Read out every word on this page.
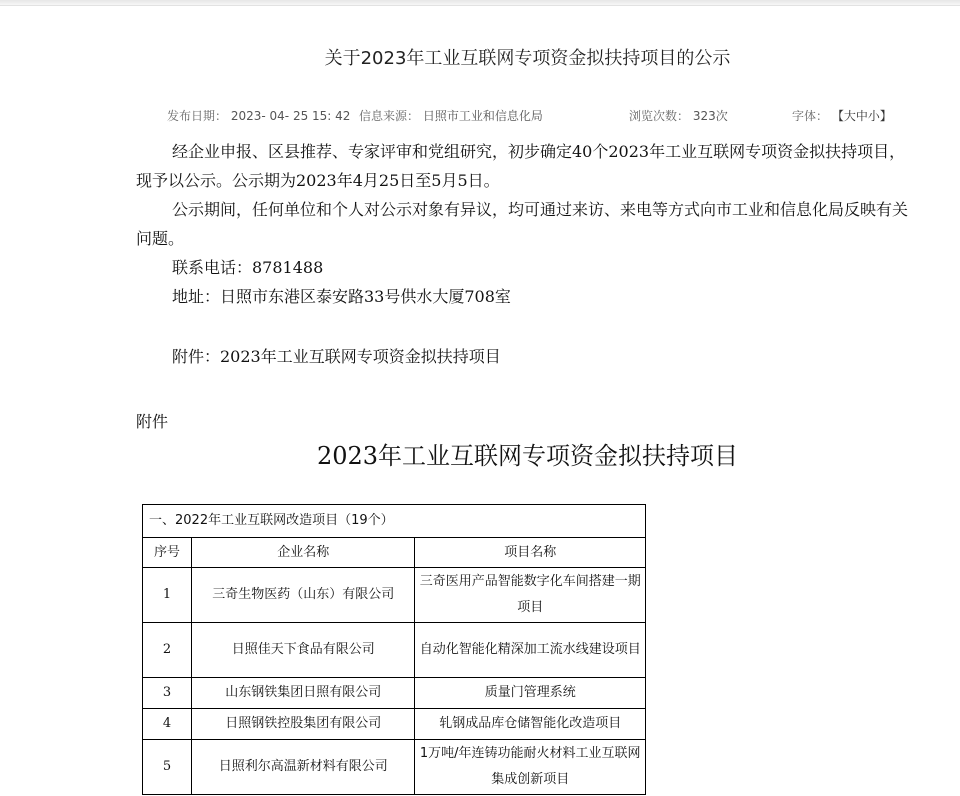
关于2023年工业互联网专项资金拟扶持项目的公示
发布日期： 2023- 04- 25 15: 42 信息来源： 日照市工业和信息化局	浏览次数： 323次	字体： 【大中小】

经企业申报、区县推荐、专家评审和党组研究，初步确定40个2023年工业互联网专项资金拟扶持项目，现予以公示。公示期为2023年4月25日至5月5日。

公示期间，任何单位和个人对公示对象有异议，均可通过来访、来电等方式向市工业和信息化局反映有关问题。

联系电话：8781488

地址：日照市东港区泰安路33号供水大厦708室

附件：2023年工业互联网专项资金拟扶持项目

附件
2023年工业互联网专项资金拟扶持项目
一、2022年工业互联网改造项目（19个）		
序号	企业名称	项目名称
1	三奇生物医药（山东）有限公司	三奇医用产品智能数字化车间搭建一期项目
2	日照佳天下食品有限公司	自动化智能化精深加工流水线建设项目
3	山东钢铁集团日照有限公司	质量门管理系统
4	日照钢铁控股集团有限公司	轧钢成品库仓储智能化改造项目
5	日照利尔高温新材料有限公司	1万吨/年连铸功能耐火材料工业互联网集成创新项目
